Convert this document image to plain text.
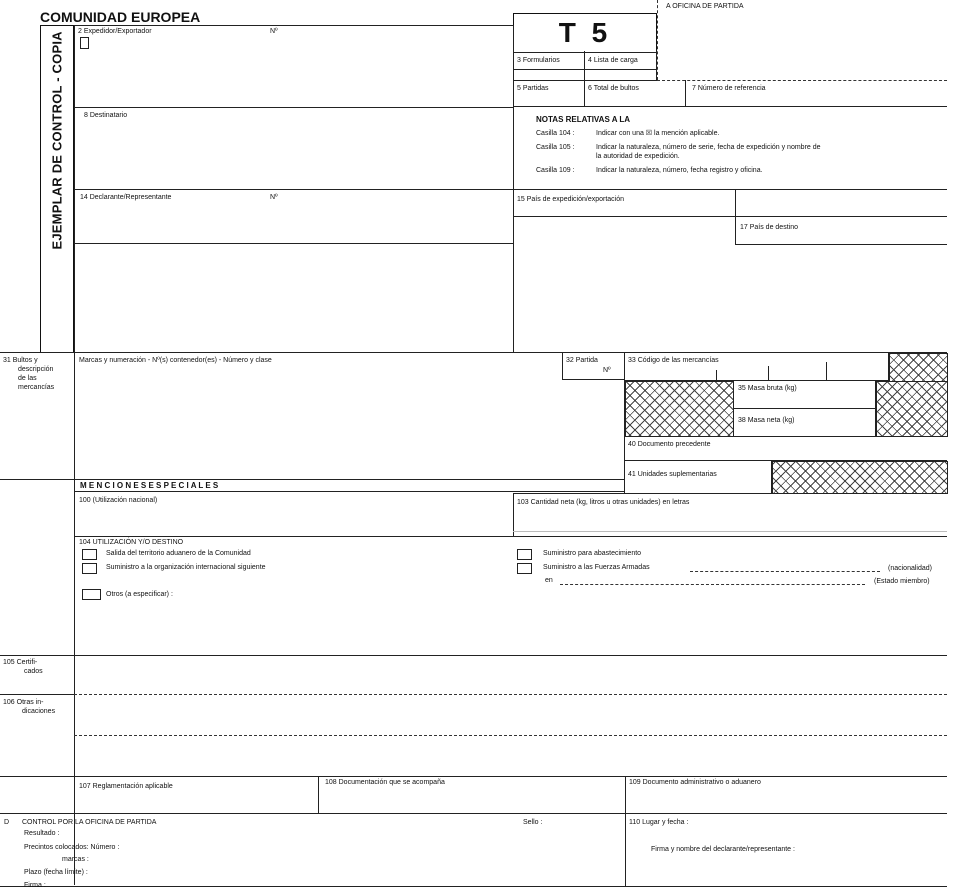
COMUNIDAD EUROPEA
A OFICINA DE PARTIDA
T 5
EJEMPLAR DE CONTROL - COPIA 2 Expedidor/Exportador	Nº
3 Formularios	4 Lista de carga
5 Partidas	6 Total de bultos	7 Número de referencia
8 Destinatario	NOTAS RELATIVAS A LA
Casilla 104 :	Indicar con una ☒ la mención aplicable.
Casilla 105 :	Indicar la naturaleza, número de serie, fecha de expedición y nombre de
la autoridad de expedición.
Casilla 109 :	Indicar la naturaleza, número, fecha registro y oficina.
14 Declarante/Representante	Nº	15 País de expedición/exportación
17 País de destino
31 Bultos y
descripción
de las
mercancías
Marcas y numeración - Nº(s) contenedor(es) - Número y clase	32 Partida
Nº
33 Código de las mercancías
35 Masa bruta (kg)
38 Masa neta (kg)
40 Documento precedente
41 Unidades suplementarias
M E N C I O N E S E S P E C I A L E S
100 (Utilización nacional)	103 Cantidad neta (kg, litros u otras unidades) en letras
104 UTILIZACIÓN Y/O DESTINO
Salida del territorio aduanero de la Comunidad
Suministro a la organización internacional siguiente
Suministro para abastecimiento
Suministro a las Fuerzas Armadas	(nacionalidad)
en	(Estado miembro)
Otros (a especificar) :
105 Certifi-
cados
106 Otras in-
dicaciones
107 Reglamentación aplicable
108 Documentación que se acompaña	109 Documento administrativo o aduanero
D CONTROL POR LA OFICINA DE PARTIDA	Sello :
Resultado :
Precintos colocados: Número :
marcas :
Plazo (fecha límite) :
Firma :
110 Lugar y fecha :
Firma y nombre del declarante/representante :
